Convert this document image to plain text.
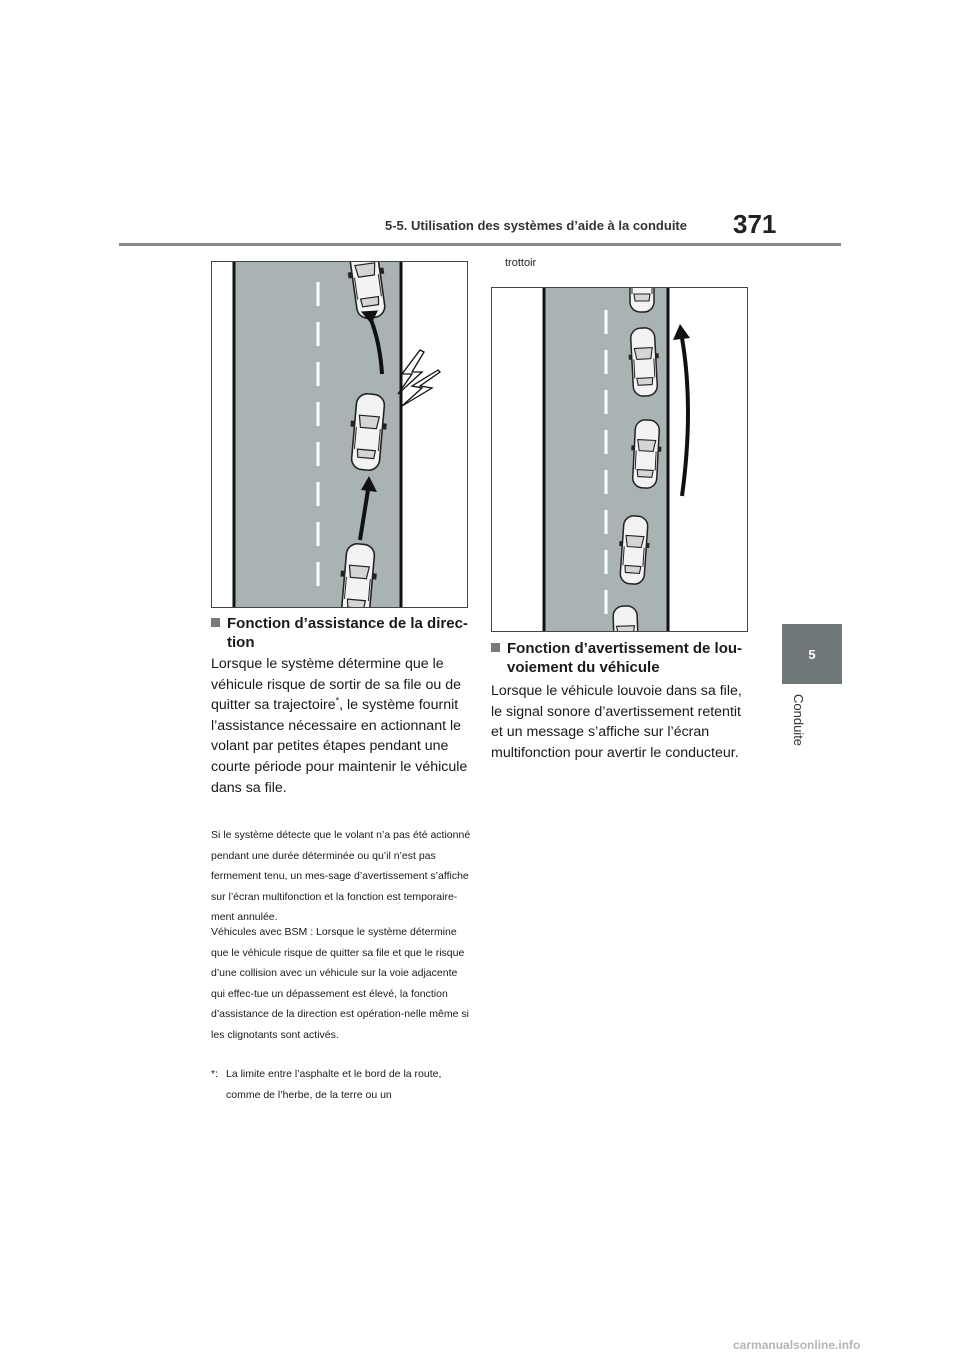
5-5. Utilisation des systèmes d’aide à la conduite 371
5
Conduite
trottoir
Fonction d’assistance de la direc-tion
Lorsque le système détermine que le véhicule risque de sortir de sa file ou de quitter sa trajectoire*, le système fournit l’assistance nécessaire en actionnant le volant par petites étapes pendant une courte période pour maintenir le véhicule dans sa file.
Si le système détecte que le volant n’a pas été actionné pendant une durée déterminée ou qu’il n’est pas fermement tenu, un mes-sage d’avertissement s’affiche sur l’écran multifonction et la fonction est temporaire-ment annulée.
Véhicules avec BSM : Lorsque le système détermine que le véhicule risque de quitter sa file et que le risque d’une collision avec un véhicule sur la voie adjacente qui effec-tue un dépassement est élevé, la fonction d’assistance de la direction est opération-nelle même si les clignotants sont activés.
*: La limite entre l’asphalte et le bord de la route, comme de l’herbe, de la terre ou un
Fonction d’avertissement de lou-voiement du véhicule
Lorsque le véhicule louvoie dans sa file, le signal sonore d’avertissement retentit et un message s’affiche sur l’écran multifonction pour avertir le conducteur.
carmanualsonline.info
